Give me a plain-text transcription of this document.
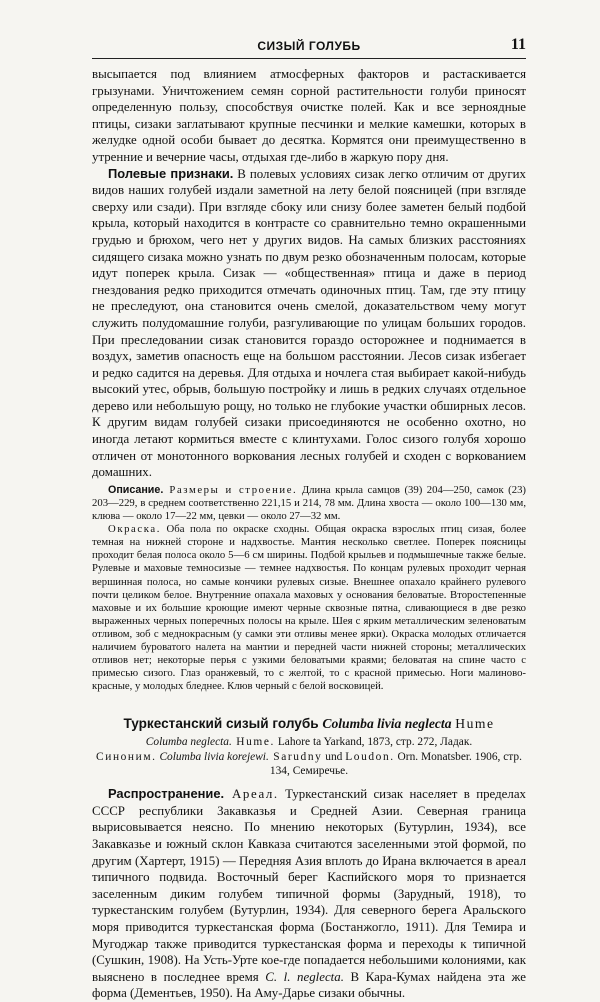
СИЗЫЙ ГОЛУБЬ	11

высыпается под влиянием атмосферных факторов и растаскивается грызунами. Уничтожением семян сорной растительности голуби приносят определенную пользу, способствуя очистке полей. Как и все зерноядные птицы, сизаки заглатывают крупные песчинки и мелкие камешки, которых в желудке одной особи бывает до десятка. Кормятся они преимущественно в утренние и вечерние часы, отдыхая где-либо в жаркую пору дня.

Полевые признаки. В полевых условиях сизак легко отличим от других видов наших голубей издали заметной на лету белой поясницей (при взгляде сверху или сзади). При взгляде сбоку или снизу более заметен белый подбой крыла, который находится в контрасте со сравнительно темно окрашенными грудью и брюхом, чего нет у других видов. На самых близких расстояниях сидящего сизака можно узнать по двум резко обозначенным полосам, которые идут поперек крыла. Сизак — «общественная» птица и даже в период гнездования редко приходится отмечать одиночных птиц. Там, где эту птицу не преследуют, она становится очень смелой, доказательством чему могут служить полудомашние голуби, разгуливающие по улицам больших городов. При преследовании сизак становится гораздо осторожнее и поднимается в воздух, заметив опасность еще на большом расстоянии. Лесов сизак избегает и редко садится на деревья. Для отдыха и ночлега стая выбирает какой-нибудь высокий утес, обрыв, большую постройку и лишь в редких случаях отдельное дерево или небольшую рощу, но только не глубокие участки обширных лесов. К другим видам голубей сизаки присоединяются не особенно охотно, но иногда летают кормиться вместе с клинтухами. Голос сизого голубя хорошо отличен от монотонного воркования лесных голубей и сходен с воркованием домашних.

Описание. Размеры и строение. Длина крыла самцов (39) 204—250, самок (23) 203—229, в среднем соответственно 221,15 и 214, 78 мм. Длина хвоста — около 100—130 мм, клюва — около 17—22 мм, цевки — около 27—32 мм.

Окраска. Оба пола по окраске сходны. Общая окраска взрослых птиц сизая, более темная на нижней стороне и надхвостье. Мантия несколько светлее. Поперек поясницы проходит белая полоса около 5—6 см ширины. Подбой крыльев и подмышечные также белые. Рулевые и маховые темносизые — темнее надхвостья. По концам рулевых проходит черная вершинная полоса, но самые кончики рулевых сизые. Внешнее опахало крайнего рулевого почти целиком белое. Внутренние опахала маховых у основания беловатые. Второстепенные маховые и их большие кроющие имеют черные сквозные пятна, сливающиеся в две резко выраженных черных поперечных полосы на крыле. Шея с ярким металлическим зеленоватым отливом, зоб с меднокрасным (у самки эти отливы менее ярки). Окраска молодых отличается наличием буроватого налета на мантии и передней части нижней стороны; металлических отливов нет; некоторые перья с узкими беловатыми краями; беловатая на спине часто с примесью сизого. Глаз оранжевый, то с желтой, то с красной примесью. Ноги малиново-красные, у молодых бледнее. Клюв черный с белой восковицей.

Туркестанский сизый голубь Columba livia neglecta Hume

Columba neglecta. Hume. Lahore ta Yarkand, 1873, стр. 272, Ладак.

Синоним. Columba livia korejewi. Sarudny und Loudon. Orn. Monatsber. 1906, стр. 134, Семиречье.

Распространение. Ареал. Туркестанский сизак населяет в пределах СССР республики Закавказья и Средней Азии. Северная граница вырисовывается неясно. По мнению некоторых (Бутурлин, 1934), все Закавказье и южный склон Кавказа считаются заселенными этой формой, по другим (Хартерт, 1915) — Передняя Азия вплоть до Ирана включается в ареал типичного подвида. Восточный берег Каспийского моря то признается заселенным диким голубем типичной формы (Зарудный, 1918), то туркестанским голубем (Бутурлин, 1934). Для северного берега Аральского моря приводится туркестанская форма (Бостанжогло, 1911). Для Темира и Мугоджар также приводится туркестанская форма и переходы к типичной (Сушкин, 1908). На Усть-Урте кое-где попадается небольшими колониями, как выяснено в последнее время C. l. neglecta. В Кара-Кумах найдена эта же форма (Дементьев, 1950). На Аму-Дарье сизаки обычны.
